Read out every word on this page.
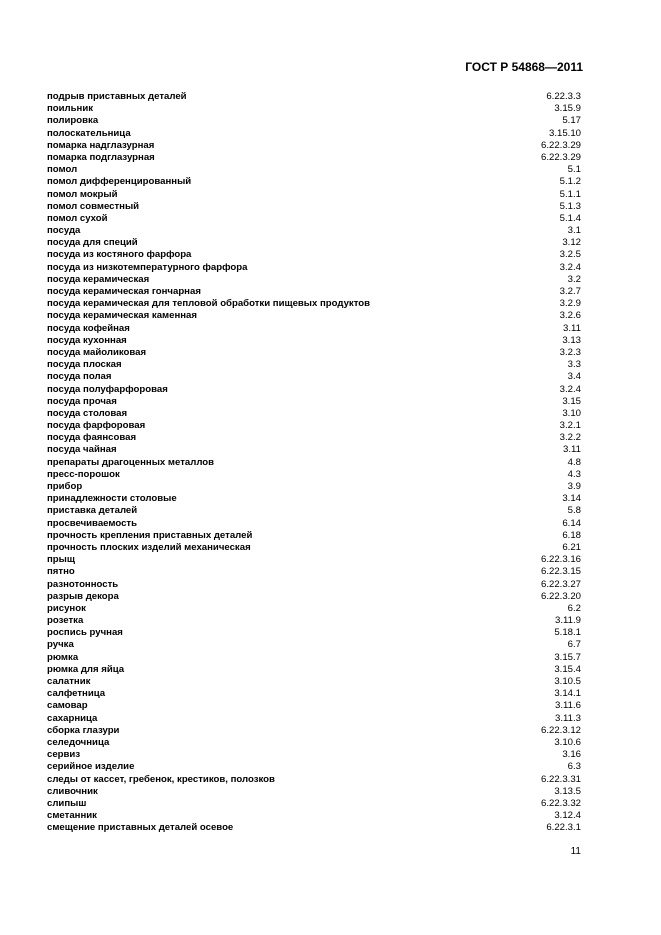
ГОСТ Р 54868—2011
подрыв приставных деталей	6.22.3.3
поильник	3.15.9
полировка	5.17
полоскательница	3.15.10
помарка надглазурная	6.22.3.29
помарка подглазурная	6.22.3.29
помол	5.1
помол дифференцированный	5.1.2
помол мокрый	5.1.1
помол совместный	5.1.3
помол сухой	5.1.4
посуда	3.1
посуда для специй	3.12
посуда из костяного фарфора	3.2.5
посуда из низкотемпературного фарфора	3.2.4
посуда керамическая	3.2
посуда керамическая гончарная	3.2.7
посуда керамическая для тепловой обработки пищевых продуктов	3.2.9
посуда керамическая каменная	3.2.6
посуда кофейная	3.11
посуда кухонная	3.13
посуда майоликовая	3.2.3
посуда плоская	3.3
посуда полая	3.4
посуда полуфарфоровая	3.2.4
посуда прочая	3.15
посуда столовая	3.10
посуда фарфоровая	3.2.1
посуда фаянсовая	3.2.2
посуда чайная	3.11
препараты драгоценных металлов	4.8
пресс-порошок	4.3
прибор	3.9
принадлежности столовые	3.14
приставка деталей	5.8
просвечиваемость	6.14
прочность крепления приставных деталей	6.18
прочность плоских изделий механическая	6.21
прыщ	6.22.3.16
пятно	6.22.3.15
разнотонность	6.22.3.27
разрыв декора	6.22.3.20
рисунок	6.2
розетка	3.11.9
роспись ручная	5.18.1
ручка	6.7
рюмка	3.15.7
рюмка для яйца	3.15.4
салатник	3.10.5
салфетница	3.14.1
самовар	3.11.6
сахарница	3.11.3
сборка глазури	6.22.3.12
селедочница	3.10.6
сервиз	3.16
серийное изделие	6.3
следы от кассет, гребенок, крестиков, полозков	6.22.3.31
сливочник	3.13.5
слипыш	6.22.3.32
сметанник	3.12.4
смещение приставных деталей осевое	6.22.3.1
11
